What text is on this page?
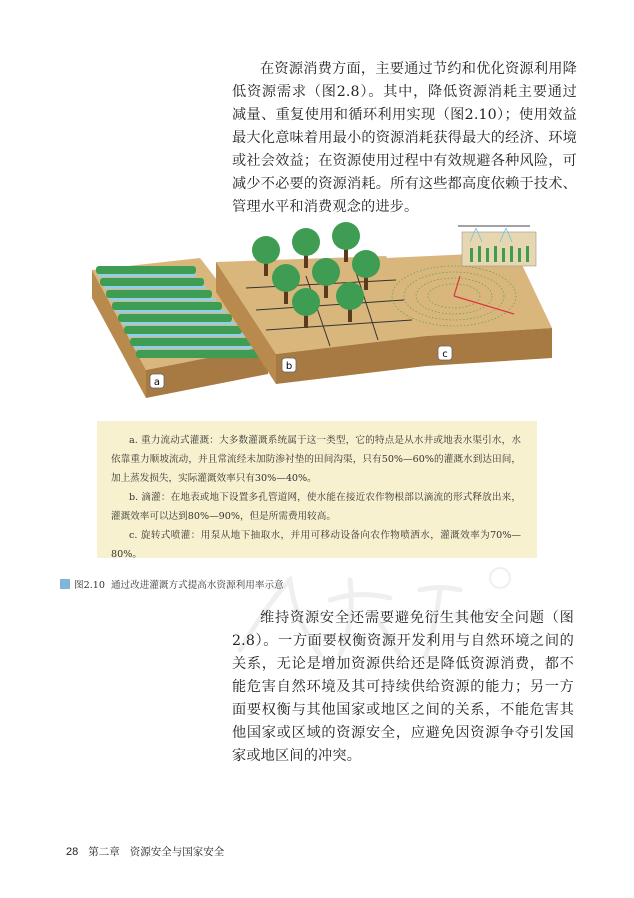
在资源消费方面，主要通过节约和优化资源利用降低资源需求（图2.8）。其中，降低资源消耗主要通过减量、重复使用和循环利用实现（图2.10）；使用效益最大化意味着用最小的资源消耗获得最大的经济、环境或社会效益；在资源使用过程中有效规避各种风险，可减少不必要的资源消耗。所有这些都高度依赖于技术、管理水平和消费观念的进步。

a
b
c

a. 重力流动式灌溉：大多数灌溉系统属于这一类型，它的特点是从水井或地表水渠引水，水依靠重力顺坡流动，并且常流经未加防渗衬垫的田间沟渠，只有50%—60%的灌溉水到达田间，加上蒸发损失，实际灌溉效率只有30%—40%。

b. 滴灌：在地表或地下设置多孔管道网，使水能在接近农作物根部以滴流的形式释放出来，灌溉效率可以达到80%—90%，但是所需费用较高。

c. 旋转式喷灌：用泵从地下抽取水，并用可移动设备向农作物喷洒水，灌溉效率为70%—80%。

图2.10 通过改进灌溉方式提高水资源利用率示意

维持资源安全还需要避免衍生其他安全问题（图2.8）。一方面要权衡资源开发利用与自然环境之间的关系，无论是增加资源供给还是降低资源消费，都不能危害自然环境及其可持续供给资源的能力；另一方面要权衡与其他国家或地区之间的关系，不能危害其他国家或区域的资源安全，应避免因资源争夺引发国家或地区间的冲突。

28 第二章 资源安全与国家安全
